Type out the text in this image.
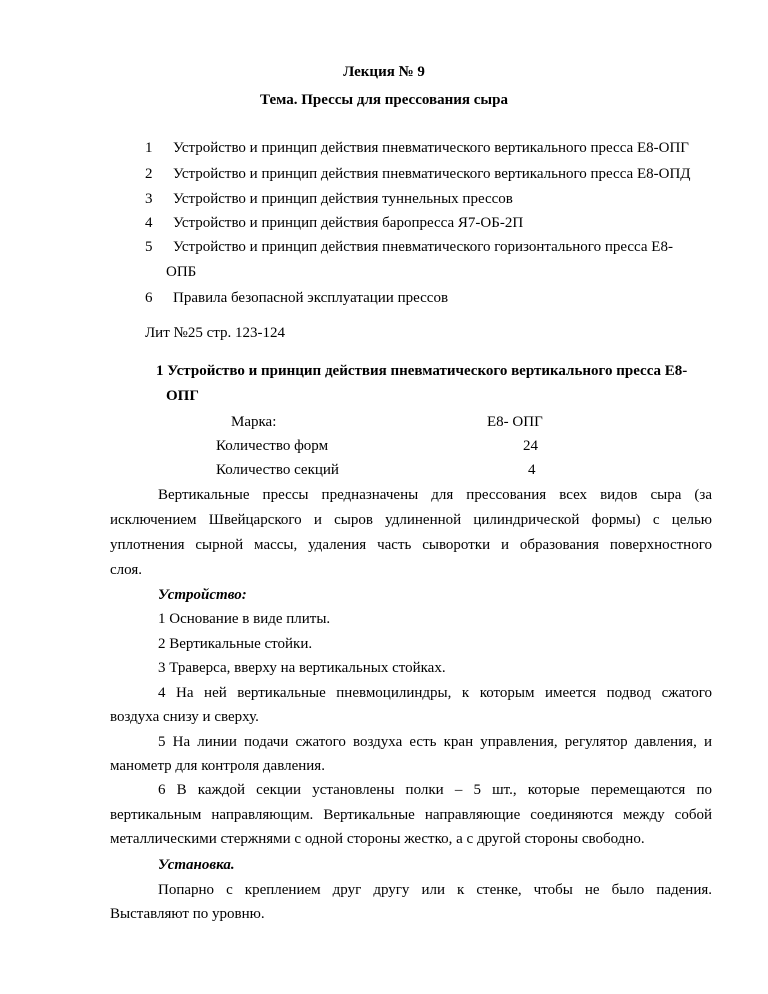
Лекция № 9
Тема. Прессы для прессования сыра
1 Устройство и принцип действия пневматического вертикального пресса Е8-ОПГ
2 Устройство и принцип действия пневматического вертикального пресса Е8-ОПД
3 Устройство и принцип действия туннельных прессов
4 Устройство и принцип действия баропресса Я7-ОБ-2П
5 Устройство и принцип действия пневматического горизонтального пресса Е8-
ОПБ
6 Правила безопасной эксплуатации прессов
Лит №25 стр. 123-124
1 Устройство и принцип действия пневматического вертикального пресса Е8-
ОПГ
Марка:	Е8- ОПГ
Количество форм	24
Количество секций	4
Вертикальные прессы предназначены для прессования всех видов сыра (за
исключением Швейцарского и сыров удлиненной цилиндрической формы) с целью
уплотнения сырной массы, удаления часть сыворотки и образования поверхностного
слоя.
Устройство:
1 Основание в виде плиты.
2 Вертикальные стойки.
3 Траверса, вверху на вертикальных стойках.
4 На ней вертикальные пневмоцилиндры, к которым имеется подвод сжатого
воздуха снизу и сверху.
5 На линии подачи сжатого воздуха есть кран управления, регулятор давления, и
манометр для контроля давления.
6 В каждой секции установлены полки – 5 шт., которые перемещаются по
вертикальным направляющим. Вертикальные направляющие соединяются между собой
металлическими стержнями с одной стороны жестко, а с другой стороны свободно.
Установка.
Попарно с креплением друг другу или к стенке, чтобы не было падения.
Выставляют по уровню.
